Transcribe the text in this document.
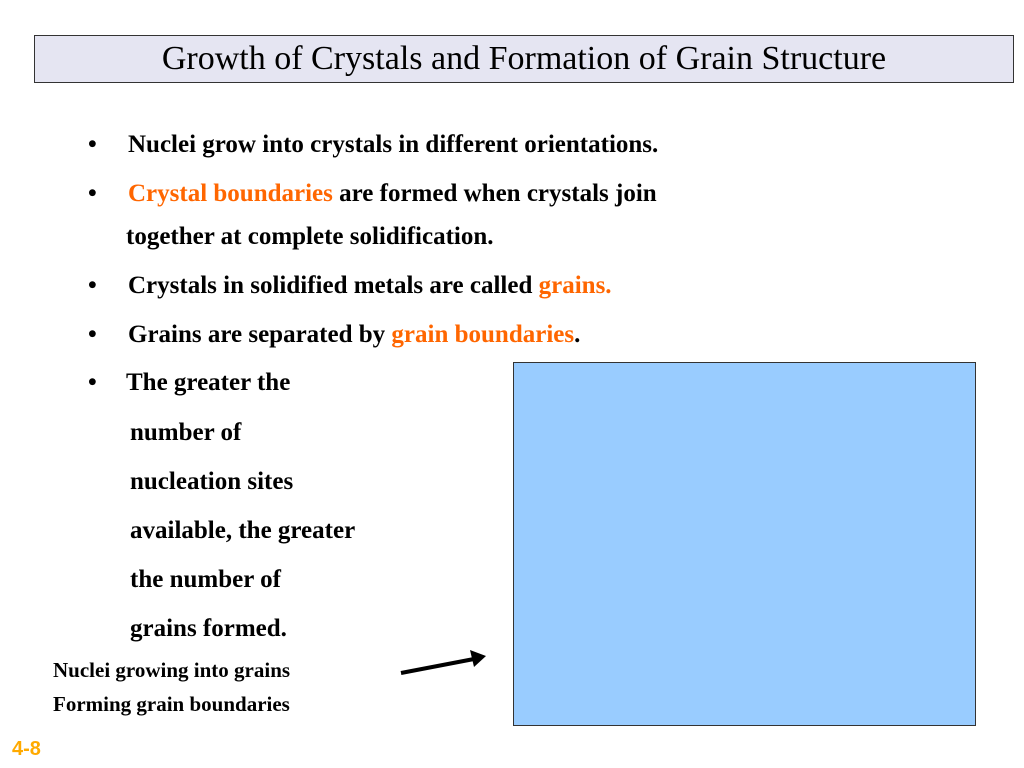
Growth of Crystals and Formation of Grain Structure
•	Nuclei grow into crystals in different orientations.
•	Crystal boundaries are formed when crystals join
together at complete solidification.
•	Crystals in solidified metals are called grains.
•	Grains are separated by grain boundaries.
•	The greater the
number of
nucleation sites
available, the greater
the number of
grains formed.
Nuclei growing into grains
Forming grain boundaries
4-8
